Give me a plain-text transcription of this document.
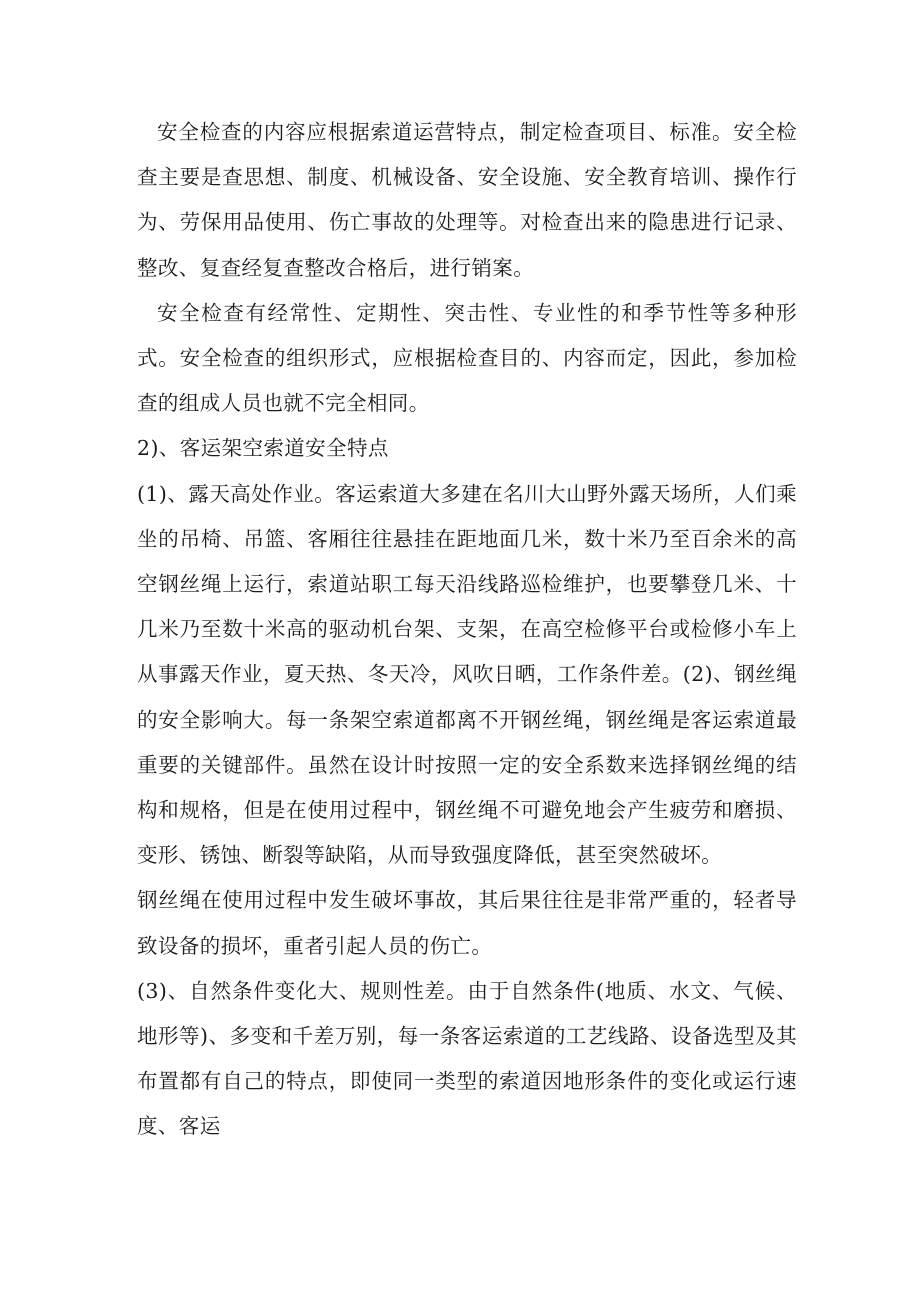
安全检查的内容应根据索道运营特点，制定检查项目、标准。安全检查主要是查思想、制度、机械设备、安全设施、安全教育培训、操作行为、劳保用品使用、伤亡事故的处理等。对检查出来的隐患进行记录、整改、复查经复查整改合格后，进行销案。

安全检查有经常性、定期性、突击性、专业性的和季节性等多种形式。安全检查的组织形式，应根据检查目的、内容而定，因此，参加检查的组成人员也就不完全相同。

2)、客运架空索道安全特点

(1)、露天高处作业。客运索道大多建在名川大山野外露天场所，人们乘坐的吊椅、吊篮、客厢往往悬挂在距地面几米，数十米乃至百余米的高空钢丝绳上运行，索道站职工每天沿线路巡检维护，也要攀登几米、十几米乃至数十米高的驱动机台架、支架，在高空检修平台或检修小车上从事露天作业，夏天热、冬天冷，风吹日晒，工作条件差。(2)、钢丝绳的安全影响大。每一条架空索道都离不开钢丝绳，钢丝绳是客运索道最重要的关键部件。虽然在设计时按照一定的安全系数来选择钢丝绳的结构和规格，但是在使用过程中，钢丝绳不可避免地会产生疲劳和磨损、变形、锈蚀、断裂等缺陷，从而导致强度降低，甚至突然破坏。

钢丝绳在使用过程中发生破坏事故，其后果往往是非常严重的，轻者导致设备的损坏，重者引起人员的伤亡。

(3)、自然条件变化大、规则性差。由于自然条件(地质、水文、气候、地形等)、多变和千差万别，每一条客运索道的工艺线路、设备选型及其布置都有自己的特点，即使同一类型的索道因地形条件的变化或运行速度、客运
